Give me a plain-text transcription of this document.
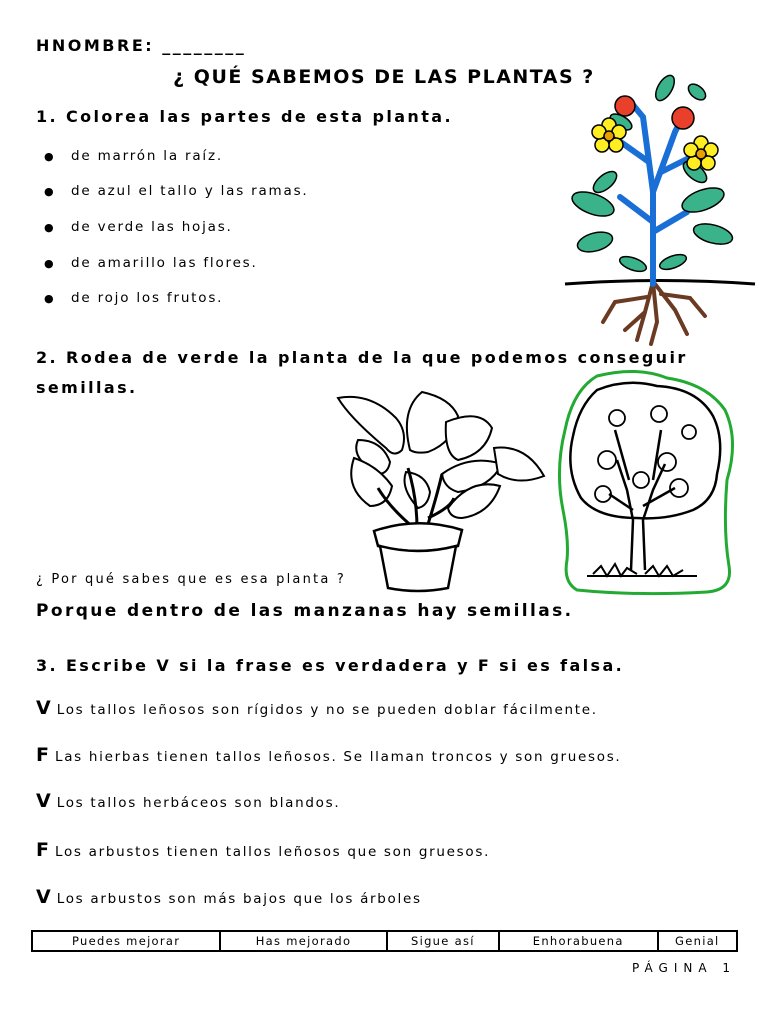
HNOMBRE: ________
¿ QUÉ SABEMOS DE LAS PLANTAS ?
1. Colorea las partes de esta planta.
● de marrón la raíz.
● de azul el tallo y las ramas.
● de verde las hojas.
● de amarillo las flores.
● de rojo los frutos.
2. Rodea de verde la planta de la que podemos conseguir
semillas.
¿ Por qué sabes que es esa planta ?
Porque dentro de las manzanas hay semillas.
3. Escribe V si la frase es verdadera y F si es falsa.
V Los tallos leñosos son rígidos y no se pueden doblar fácilmente.
F Las hierbas tienen tallos leñosos. Se llaman troncos y son gruesos.
V Los tallos herbáceos son blandos.
F Los arbustos tienen tallos leñosos que son gruesos.
V Los arbustos son más bajos que los árboles
Puedes mejorar	Has mejorado	Sigue así	Enhorabuena	Genial
PÁGINA 1
